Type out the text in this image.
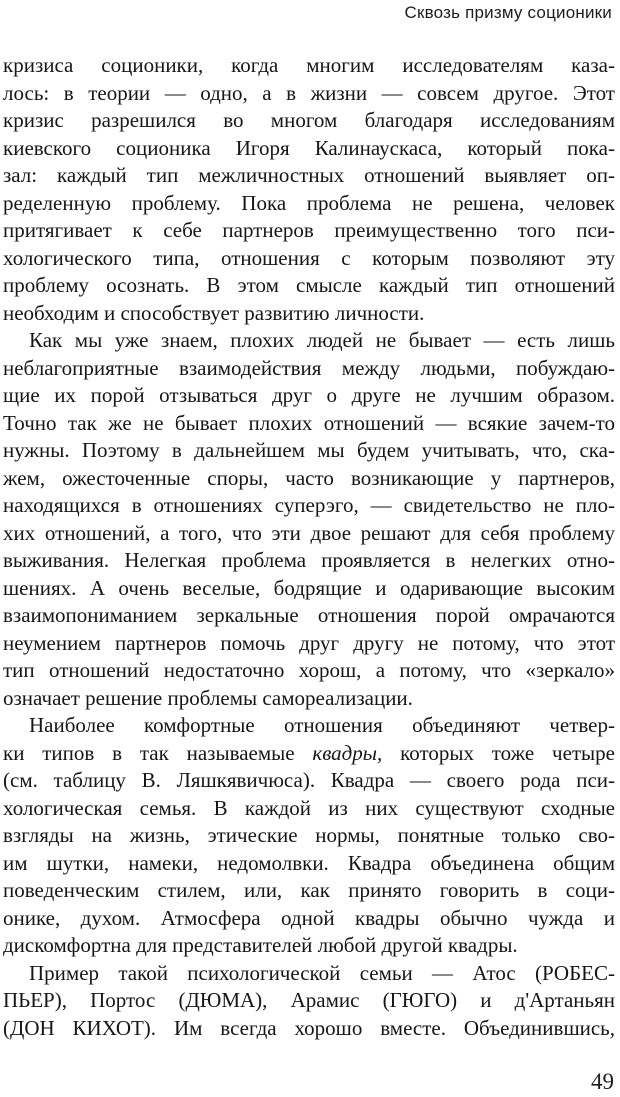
Сквозь призму соционики
кризиса соционики, когда многим исследователям каза-
лось: в теории — одно, а в жизни — совсем другое. Этот
кризис разрешился во многом благодаря исследованиям
киевского соционика Игоря Калинаускаса, который пока-
зал: каждый тип межличностных отношений выявляет оп-
ределенную проблему. Пока проблема не решена, человек
притягивает к себе партнеров преимущественно того пси-
хологического типа, отношения с которым позволяют эту
проблему осознать. В этом смысле каждый тип отношений
необходим и способствует развитию личности.
Как мы уже знаем, плохих людей не бывает — есть лишь
неблагоприятные взаимодействия между людьми, побуждаю-
щие их порой отзываться друг о друге не лучшим образом.
Точно так же не бывает плохих отношений — всякие зачем-то
нужны. Поэтому в дальнейшем мы будем учитывать, что, ска-
жем, ожесточенные споры, часто возникающие у партнеров,
находящихся в отношениях суперэго, — свидетельство не пло-
хих отношений, а того, что эти двое решают для себя проблему
выживания. Нелегкая проблема проявляется в нелегких отно-
шениях. А очень веселые, бодрящие и одаривающие высоким
взаимопониманием зеркальные отношения порой омрачаются
неумением партнеров помочь друг другу не потому, что этот
тип отношений недостаточно хорош, а потому, что «зеркало»
означает решение проблемы самореализации.
Наиболее комфортные отношения объединяют четвер-
ки типов в так называемые квадры, которых тоже четыре
(см. таблицу В. Ляшкявичюса). Квадра — своего рода пси-
хологическая семья. В каждой из них существуют сходные
взгляды на жизнь, этические нормы, понятные только сво-
им шутки, намеки, недомолвки. Квадра объединена общим
поведенческим стилем, или, как принято говорить в соци-
онике, духом. Атмосфера одной квадры обычно чужда и
дискомфортна для представителей любой другой квадры.
Пример такой психологической семьи — Атос (РОБЕС-
ПЬЕР), Портос (ДЮМА), Арамис (ГЮГО) и д'Артаньян
(ДОН КИХОТ). Им всегда хорошо вместе. Объединившись,
49
